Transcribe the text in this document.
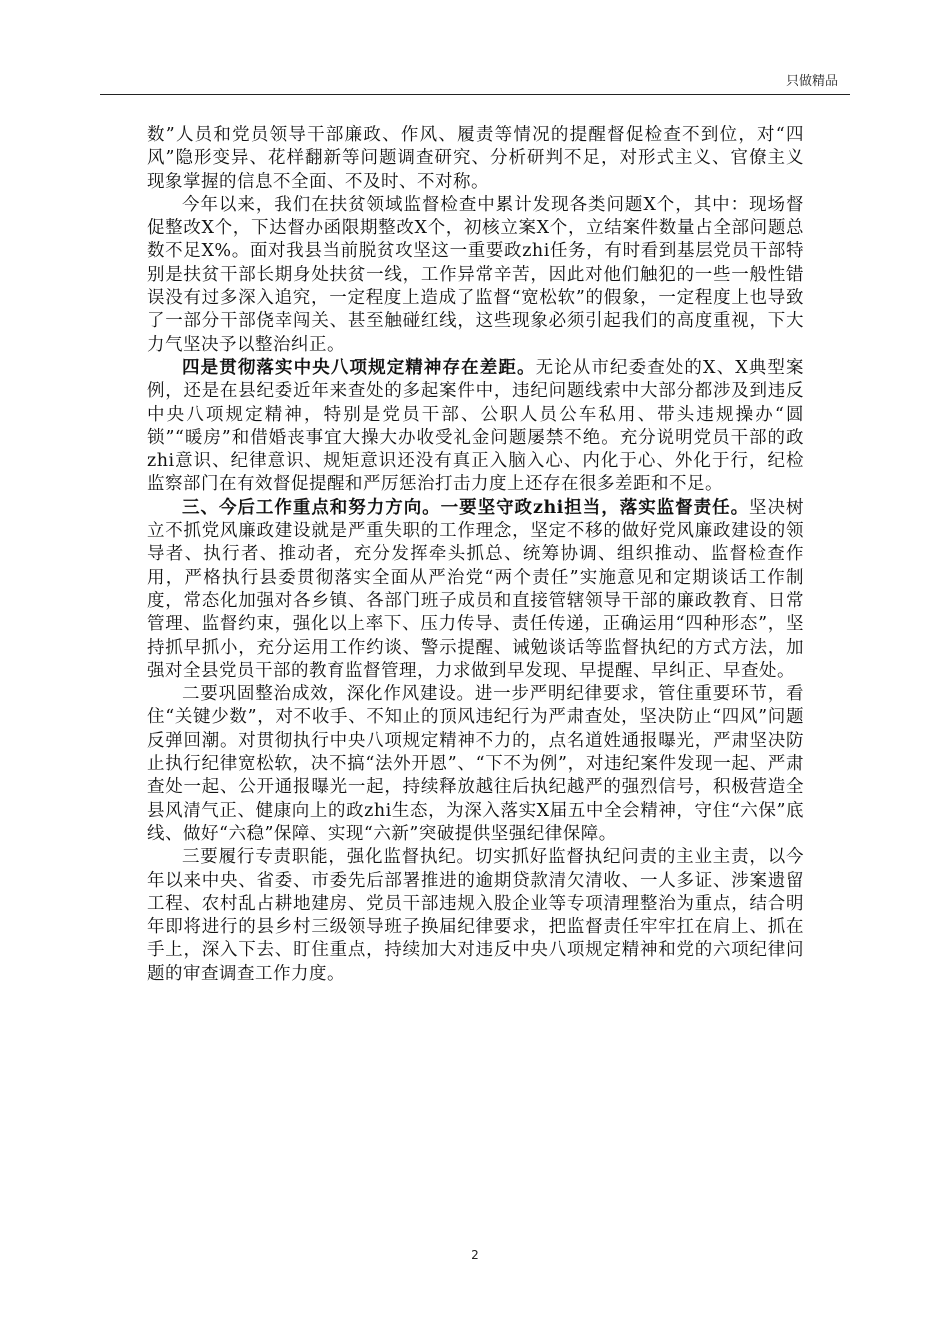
只做精品

数”人员和党员领导干部廉政、作风、履责等情况的提醒督促检查不到位，对“四风”隐形变异、花样翻新等问题调查研究、分析研判不足，对形式主义、官僚主义现象掌握的信息不全面、不及时、不对称。

今年以来，我们在扶贫领域监督检查中累计发现各类问题X个，其中：现场督促整改X个，下达督办函限期整改X个，初核立案X个，立结案件数量占全部问题总数不足X%。面对我县当前脱贫攻坚这一重要政zhi任务，有时看到基层党员干部特别是扶贫干部长期身处扶贫一线，工作异常辛苦，因此对他们触犯的一些一般性错误没有过多深入追究，一定程度上造成了监督“宽松软”的假象，一定程度上也导致了一部分干部侥幸闯关、甚至触碰红线，这些现象必须引起我们的高度重视，下大力气坚决予以整治纠正。

四是贯彻落实中央八项规定精神存在差距。无论从市纪委查处的X、X典型案例，还是在县纪委近年来查处的多起案件中，违纪问题线索中大部分都涉及到违反中央八项规定精神，特别是党员干部、公职人员公车私用、带头违规操办“圆锁”“暖房”和借婚丧事宜大操大办收受礼金问题屡禁不绝。充分说明党员干部的政zhi意识、纪律意识、规矩意识还没有真正入脑入心、内化于心、外化于行，纪检监察部门在有效督促提醒和严厉惩治打击力度上还存在很多差距和不足。

三、今后工作重点和努力方向。一要坚守政zhi担当，落实监督责任。坚决树立不抓党风廉政建设就是严重失职的工作理念，坚定不移的做好党风廉政建设的领导者、执行者、推动者，充分发挥牵头抓总、统筹协调、组织推动、监督检查作用，严格执行县委贯彻落实全面从严治党“两个责任”实施意见和定期谈话工作制度，常态化加强对各乡镇、各部门班子成员和直接管辖领导干部的廉政教育、日常管理、监督约束，强化以上率下、压力传导、责任传递，正确运用“四种形态”，坚持抓早抓小，充分运用工作约谈、警示提醒、诫勉谈话等监督执纪的方式方法，加强对全县党员干部的教育监督管理，力求做到早发现、早提醒、早纠正、早查处。

二要巩固整治成效，深化作风建设。进一步严明纪律要求，管住重要环节，看住“关键少数”，对不收手、不知止的顶风违纪行为严肃查处，坚决防止“四风”问题反弹回潮。对贯彻执行中央八项规定精神不力的，点名道姓通报曝光，严肃坚决防止执行纪律宽松软，决不搞“法外开恩”、“下不为例”，对违纪案件发现一起、严肃查处一起、公开通报曝光一起，持续释放越往后执纪越严的强烈信号，积极营造全县风清气正、健康向上的政zhi生态，为深入落实X届五中全会精神，守住“六保”底线、做好“六稳”保障、实现“六新”突破提供坚强纪律保障。

三要履行专责职能，强化监督执纪。切实抓好监督执纪问责的主业主责，以今年以来中央、省委、市委先后部署推进的逾期贷款清欠清收、一人多证、涉案遗留工程、农村乱占耕地建房、党员干部违规入股企业等专项清理整治为重点，结合明年即将进行的县乡村三级领导班子换届纪律要求，把监督责任牢牢扛在肩上、抓在手上，深入下去、盯住重点，持续加大对违反中央八项规定精神和党的六项纪律问题的审查调查工作力度。

2
